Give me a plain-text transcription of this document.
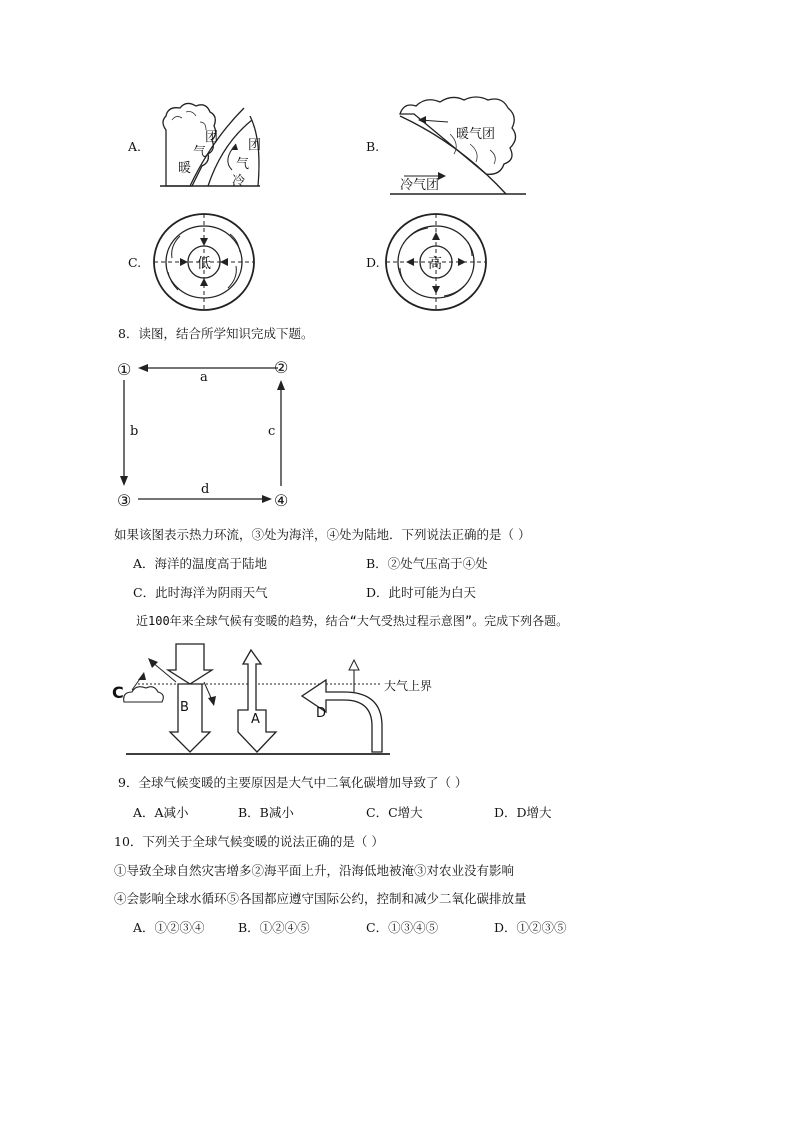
A.
团
气
暖
团
气
冷
B.
暖气团
冷气团
C.	低	D.	高
8．读图，结合所学知识完成下题。
①	②
③	④
a
b	c
d
如果该图表示热力环流，③处为海洋，④处为陆地．下列说法正确的是（ ）
A．海洋的温度高于陆地	B．②处气压高于④处
C．此时海洋为阴雨天气	D．此时可能为白天
近100年来全球气候有变暖的趋势，结合“大气受热过程示意图”。完成下列各题。
大气上界
C
B
A	D
9．全球气候变暖的主要原因是大气中二氧化碳增加导致了（ ）
A．A减小	B．B减小	C．C增大	D．D增大
10．下列关于全球气候变暖的说法正确的是（ ）
①导致全球自然灾害增多②海平面上升，沿海低地被淹③对农业没有影响
④会影响全球水循环⑤各国都应遵守国际公约，控制和减少二氧化碳排放量
A．①②③④	B．①②④⑤	C．①③④⑤	D．①②③⑤
